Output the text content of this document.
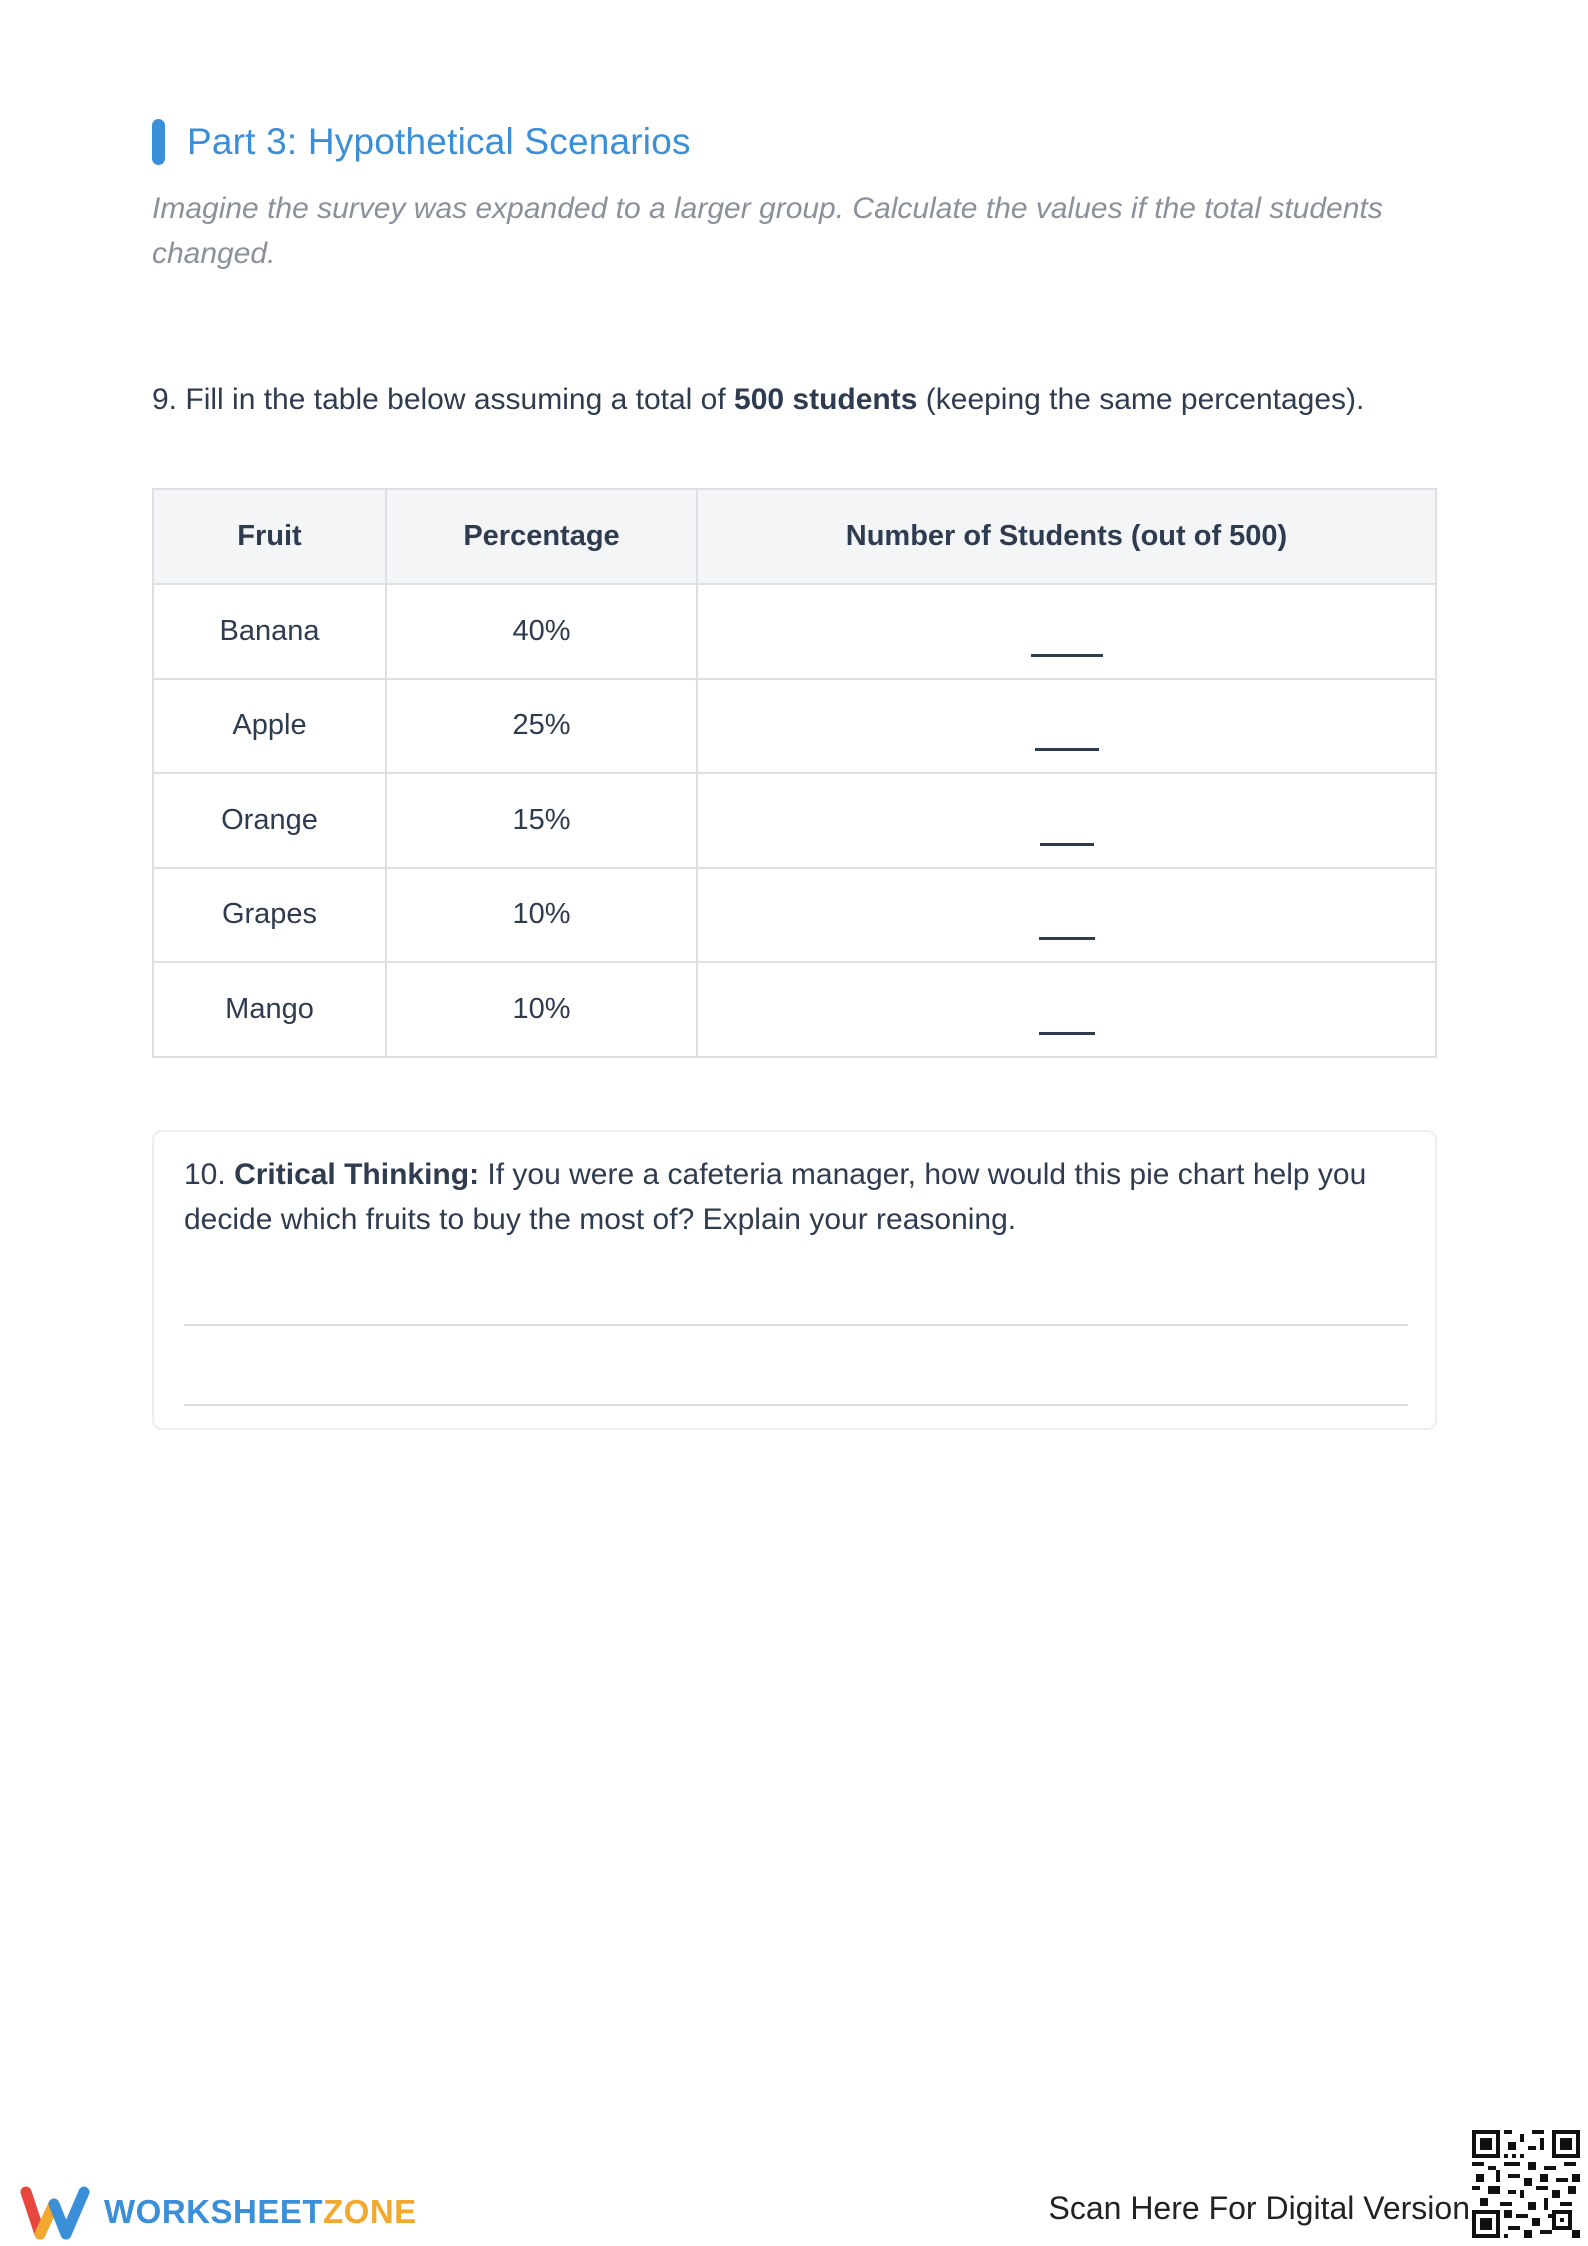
Part 3: Hypothetical Scenarios
Imagine the survey was expanded to a larger group. Calculate the values if the total students changed.
9. Fill in the table below assuming a total of 500 students (keeping the same percentages).
Fruit	Percentage	Number of Students (out of 500)
Banana	40%	

Apple	25%	

Orange	15%	

Grapes	10%	

Mango	10%	
10. Critical Thinking: If you were a cafeteria manager, how would this pie chart help you decide which fruits to buy the most of? Explain your reasoning.
WORKSHEETZONE	Scan Here For Digital Version
